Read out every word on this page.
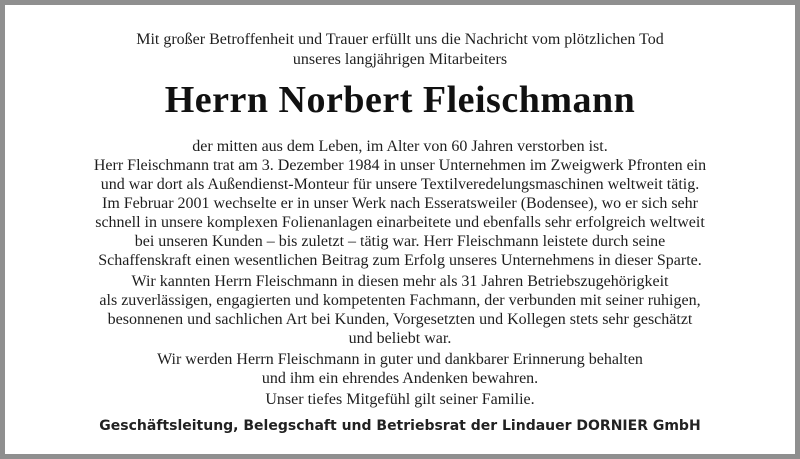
Mit großer Betroffenheit und Trauer erfüllt uns die Nachricht vom plötzlichen Tod
unseres langjährigen Mitarbeiters
Herrn Norbert Fleischmann
der mitten aus dem Leben, im Alter von 60 Jahren verstorben ist.
Herr Fleischmann trat am 3. Dezember 1984 in unser Unternehmen im Zweigwerk Pfronten ein
und war dort als Außendienst-Monteur für unsere Textilveredelungsmaschinen weltweit tätig.
Im Februar 2001 wechselte er in unser Werk nach Esseratsweiler (Bodensee), wo er sich sehr
schnell in unsere komplexen Folienanlagen einarbeitete und ebenfalls sehr erfolgreich weltweit
bei unseren Kunden – bis zuletzt – tätig war. Herr Fleischmann leistete durch seine
Schaffenskraft einen wesentlichen Beitrag zum Erfolg unseres Unternehmens in dieser Sparte.
Wir kannten Herrn Fleischmann in diesen mehr als 31 Jahren Betriebszugehörigkeit
als zuverlässigen, engagierten und kompetenten Fachmann, der verbunden mit seiner ruhigen,
besonnenen und sachlichen Art bei Kunden, Vorgesetzten und Kollegen stets sehr geschätzt
und beliebt war.
Wir werden Herrn Fleischmann in guter und dankbarer Erinnerung behalten
und ihm ein ehrendes Andenken bewahren.
Unser tiefes Mitgefühl gilt seiner Familie.
Geschäftsleitung, Belegschaft und Betriebsrat der Lindauer DORNIER GmbH
